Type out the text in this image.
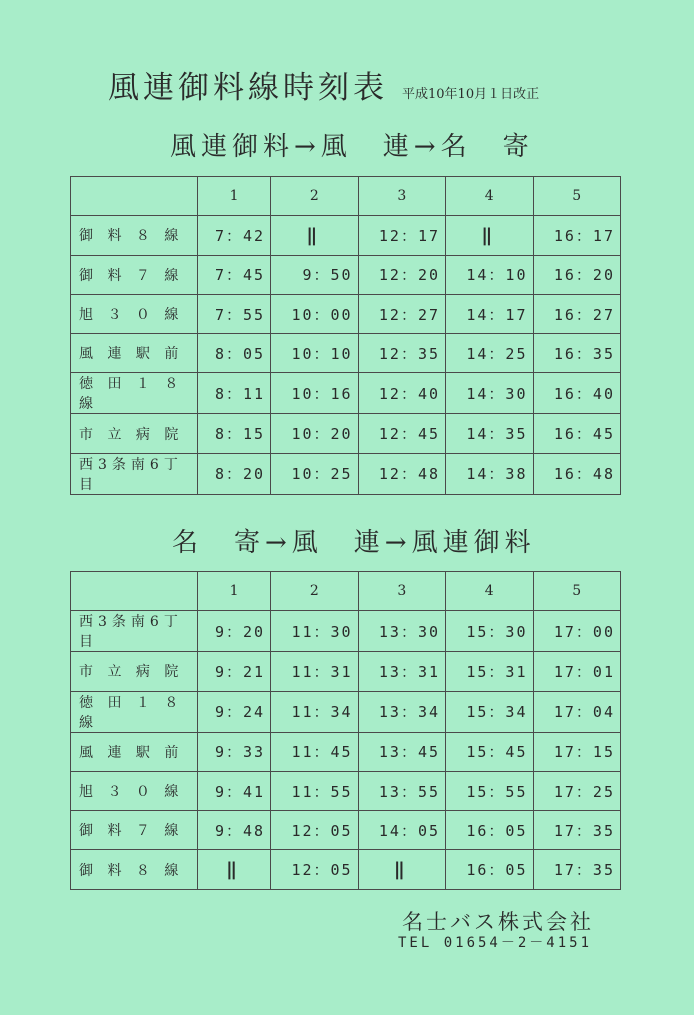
風連御料線時刻表 平成10年10月１日改正
風連御料→風　連→名　寄
	1	2	3	4	5
御 料 ８ 線	7：42	‖	12：17	‖	16：17
御 料 ７ 線	7：45	9：50	12：20	14：10	16：20
旭 ３ ０ 線	7：55	10：00	12：27	14：17	16：27
風 連 駅 前	8：05	10：10	12：35	14：25	16：35
徳 田 １ ８ 線	8：11	10：16	12：40	14：30	16：40
市 立 病 院	8：15	10：20	12：45	14：35	16：45
西3条南6丁目	8：20	10：25	12：48	14：38	16：48
名　寄→風　連→風連御料
	1	2	3	4	5
西3条南6丁目	9：20	11：30	13：30	15：30	17：00
市 立 病 院	9：21	11：31	13：31	15：31	17：01
徳 田 １ ８ 線	9：24	11：34	13：34	15：34	17：04
風 連 駅 前	9：33	11：45	13：45	15：45	17：15
旭 ３ ０ 線	9：41	11：55	13：55	15：55	17：25
御 料 ７ 線	9：48	12：05	14：05	16：05	17：35
御 料 ８ 線	‖	12：05	‖	16：05	17：35
名士バス株式会社
TEL 01654－2－4151
